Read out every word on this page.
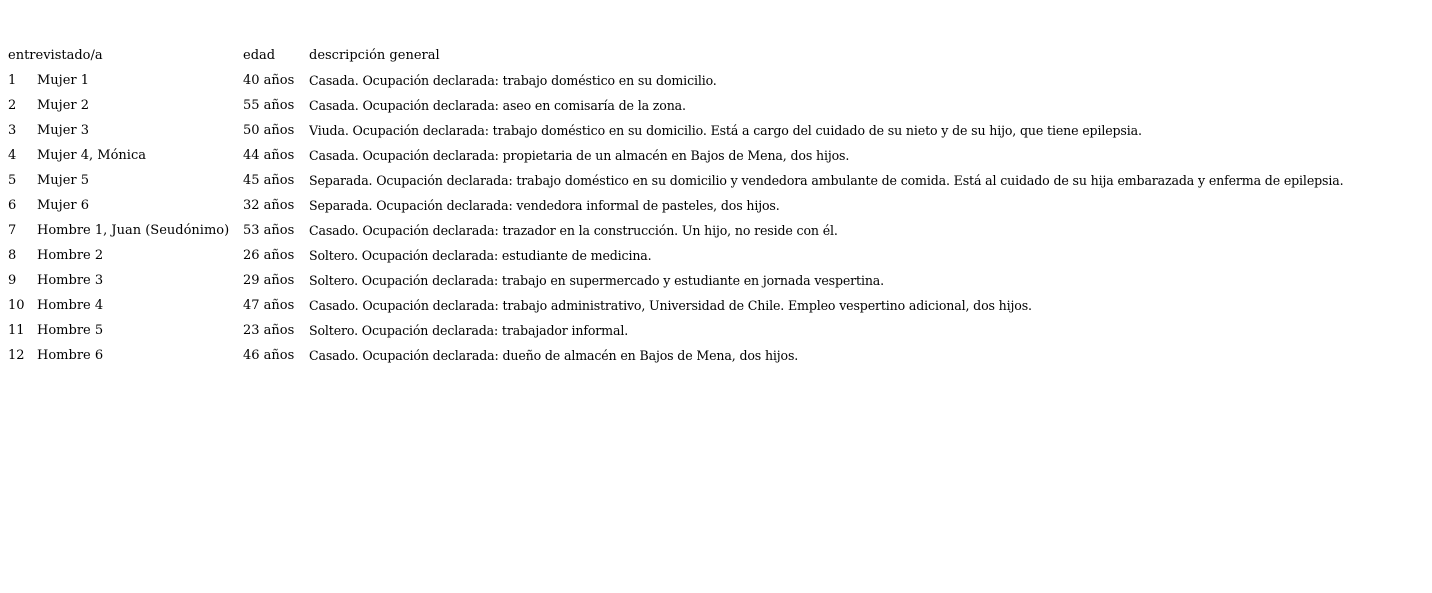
entrevistado/a		edad	descripción general
1	Mujer 1	40 años	Casada. Ocupación declarada: trabajo doméstico en su domicilio.
2	Mujer 2	55 años	Casada. Ocupación declarada: aseo en comisaría de la zona.
3	Mujer 3	50 años	Viuda. Ocupación declarada: trabajo doméstico en su domicilio. Está a cargo del cuidado de su nieto y de su hijo, que tiene epilepsia.
4	Mujer 4, Mónica	44 años	Casada. Ocupación declarada: propietaria de un almacén en Bajos de Mena, dos hijos.
5	Mujer 5	45 años	Separada. Ocupación declarada: trabajo doméstico en su domicilio y vendedora ambulante de comida. Está al cuidado de su hija embarazada y enferma de epilepsia.
6	Mujer 6	32 años	Separada. Ocupación declarada: vendedora informal de pasteles, dos hijos.
7	Hombre 1, Juan (Seudónimo)	53 años	Casado. Ocupación declarada: trazador en la construcción. Un hijo, no reside con él.
8	Hombre 2	26 años	Soltero. Ocupación declarada: estudiante de medicina.
9	Hombre 3	29 años	Soltero. Ocupación declarada: trabajo en supermercado y estudiante en jornada vespertina.
10	Hombre 4	47 años	Casado. Ocupación declarada: trabajo administrativo, Universidad de Chile. Empleo vespertino adicional, dos hijos.
11	Hombre 5	23 años	Soltero. Ocupación declarada: trabajador informal.
12	Hombre 6	46 años	Casado. Ocupación declarada: dueño de almacén en Bajos de Mena, dos hijos.
